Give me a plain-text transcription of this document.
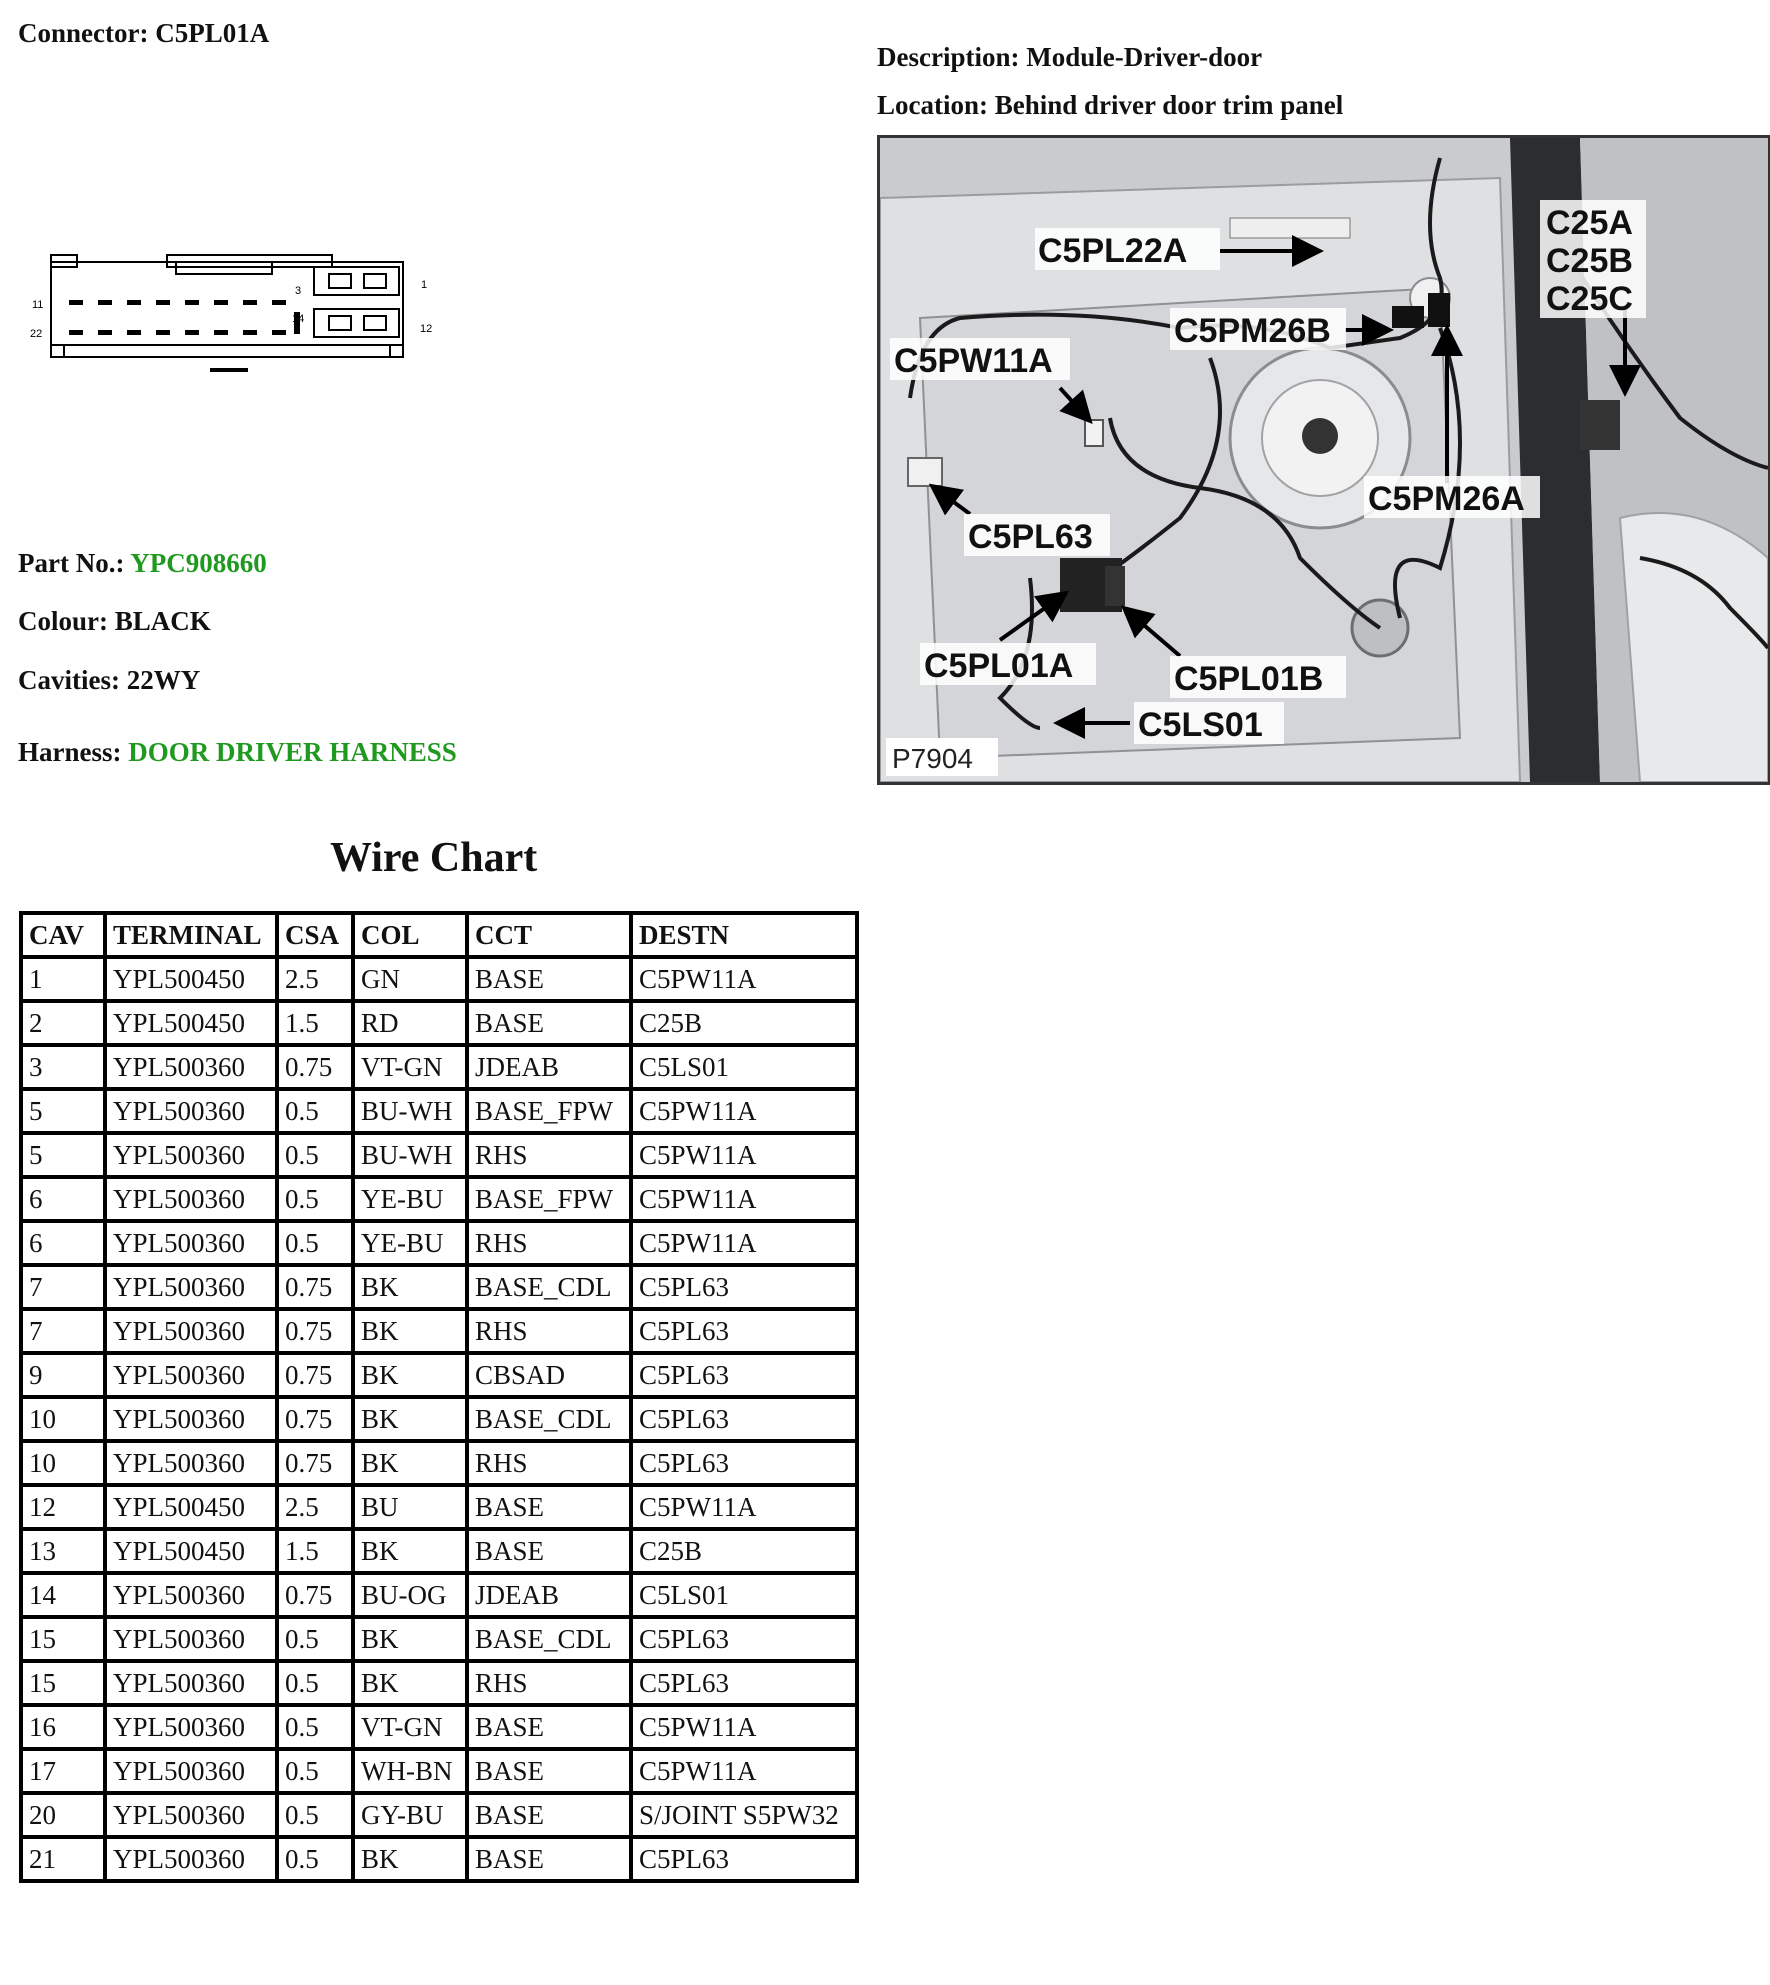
Connector: C5PL01A
Description: Module-Driver-door
Location: Behind driver door trim panel
11
22
3
14
1
12
Part No.: YPC908660
Colour: BLACK
Cavities: 22WY
Harness: DOOR DRIVER HARNESS
C5PL22A
C25A
C25B
C25C
C5PM26B
C5PW11A
C5PM26A
C5PL63
C5PL01A	C5PL01B
C5LS01
P7904
Wire Chart
CAV	TERMINAL	CSA	COL	CCT	DESTN
1	YPL500450	2.5	GN	BASE	C5PW11A
2	YPL500450	1.5	RD	BASE	C25B
3	YPL500360	0.75	VT-GN	JDEAB	C5LS01
5	YPL500360	0.5	BU-WH	BASE_FPW	C5PW11A
5	YPL500360	0.5	BU-WH	RHS	C5PW11A
6	YPL500360	0.5	YE-BU	BASE_FPW	C5PW11A
6	YPL500360	0.5	YE-BU	RHS	C5PW11A
7	YPL500360	0.75	BK	BASE_CDL	C5PL63
7	YPL500360	0.75	BK	RHS	C5PL63
9	YPL500360	0.75	BK	CBSAD	C5PL63
10	YPL500360	0.75	BK	BASE_CDL	C5PL63
10	YPL500360	0.75	BK	RHS	C5PL63
12	YPL500450	2.5	BU	BASE	C5PW11A
13	YPL500450	1.5	BK	BASE	C25B
14	YPL500360	0.75	BU-OG	JDEAB	C5LS01
15	YPL500360	0.5	BK	BASE_CDL	C5PL63
15	YPL500360	0.5	BK	RHS	C5PL63
16	YPL500360	0.5	VT-GN	BASE	C5PW11A
17	YPL500360	0.5	WH-BN	BASE	C5PW11A
20	YPL500360	0.5	GY-BU	BASE	S/JOINT S5PW32
21	YPL500360	0.5	BK	BASE	C5PL63
